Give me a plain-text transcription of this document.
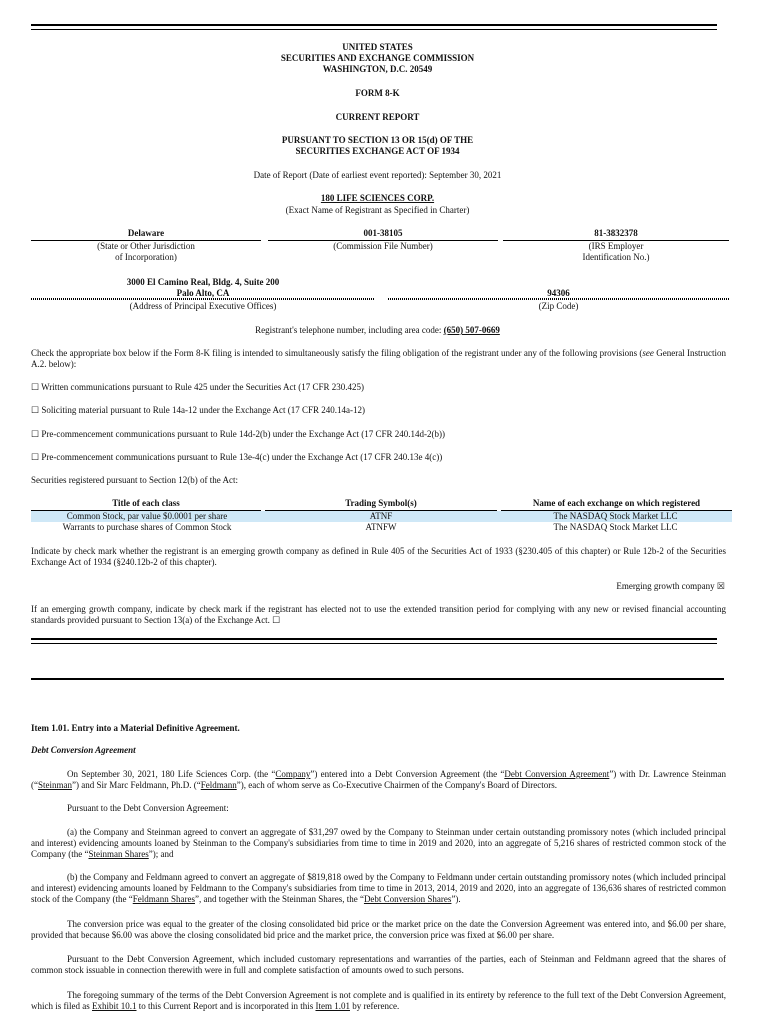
UNITED STATES
SECURITIES AND EXCHANGE COMMISSION
WASHINGTON, D.C. 20549
FORM 8-K
CURRENT REPORT
PURSUANT TO SECTION 13 OR 15(d) OF THE
SECURITIES EXCHANGE ACT OF 1934
Date of Report (Date of earliest event reported): September 30, 2021
180 LIFE SCIENCES CORP.
(Exact Name of Registrant as Specified in Charter)
Delaware
(State or Other Jurisdiction
of Incorporation)
001-38105
(Commission File Number)
81-3832378
(IRS Employer
Identification No.)
3000 El Camino Real, Bldg. 4, Suite 200
Palo Alto, CA
(Address of Principal Executive Offices)
94306
(Zip Code)
Registrant's telephone number, including area code: (650) 507-0669
Check the appropriate box below if the Form 8-K filing is intended to simultaneously satisfy the filing obligation of the registrant under any of the following provisions (see General Instruction A.2. below):
☐ Written communications pursuant to Rule 425 under the Securities Act (17 CFR 230.425)
☐ Soliciting material pursuant to Rule 14a-12 under the Exchange Act (17 CFR 240.14a-12)
☐ Pre-commencement communications pursuant to Rule 14d-2(b) under the Exchange Act (17 CFR 240.14d-2(b))
☐ Pre-commencement communications pursuant to Rule 13e-4(c) under the Exchange Act (17 CFR 240.13e 4(c))
Securities registered pursuant to Section 12(b) of the Act:
Title of each class	Trading Symbol(s)	Name of each exchange on which registered
Common Stock, par value $0.0001 per share	ATNF	The NASDAQ Stock Market LLC
Warrants to purchase shares of Common Stock	ATNFW	The NASDAQ Stock Market LLC
Indicate by check mark whether the registrant is an emerging growth company as defined in Rule 405 of the Securities Act of 1933 (§230.405 of this chapter) or Rule 12b-2 of the Securities Exchange Act of 1934 (§240.12b-2 of this chapter).
Emerging growth company ☒
If an emerging growth company, indicate by check mark if the registrant has elected not to use the extended transition period for complying with any new or revised financial accounting standards provided pursuant to Section 13(a) of the Exchange Act. ☐
Item 1.01. Entry into a Material Definitive Agreement.
Debt Conversion Agreement
On September 30, 2021, 180 Life Sciences Corp. (the “Company”) entered into a Debt Conversion Agreement (the “Debt Conversion Agreement”) with Dr. Lawrence Steinman (“Steinman”) and Sir Marc Feldmann, Ph.D. (“Feldmann”), each of whom serve as Co-Executive Chairmen of the Company's Board of Directors.
Pursuant to the Debt Conversion Agreement:
(a) the Company and Steinman agreed to convert an aggregate of $31,297 owed by the Company to Steinman under certain outstanding promissory notes (which included principal and interest) evidencing amounts loaned by Steinman to the Company's subsidiaries from time to time in 2019 and 2020, into an aggregate of 5,216 shares of restricted common stock of the Company (the “Steinman Shares”); and
(b) the Company and Feldmann agreed to convert an aggregate of $819,818 owed by the Company to Feldmann under certain outstanding promissory notes (which included principal and interest) evidencing amounts loaned by Feldmann to the Company's subsidiaries from time to time in 2013, 2014, 2019 and 2020, into an aggregate of 136,636 shares of restricted common stock of the Company (the “Feldmann Shares”, and together with the Steinman Shares, the “Debt Conversion Shares”).
The conversion price was equal to the greater of the closing consolidated bid price or the market price on the date the Conversion Agreement was entered into, and $6.00 per share, provided that because $6.00 was above the closing consolidated bid price and the market price, the conversion price was fixed at $6.00 per share.
Pursuant to the Debt Conversion Agreement, which included customary representations and warranties of the parties, each of Steinman and Feldmann agreed that the shares of common stock issuable in connection therewith were in full and complete satisfaction of amounts owed to such persons.
The foregoing summary of the terms of the Debt Conversion Agreement is not complete and is qualified in its entirety by reference to the full text of the Debt Conversion Agreement, which is filed as Exhibit 10.1 to this Current Report and is incorporated in this Item 1.01 by reference.
